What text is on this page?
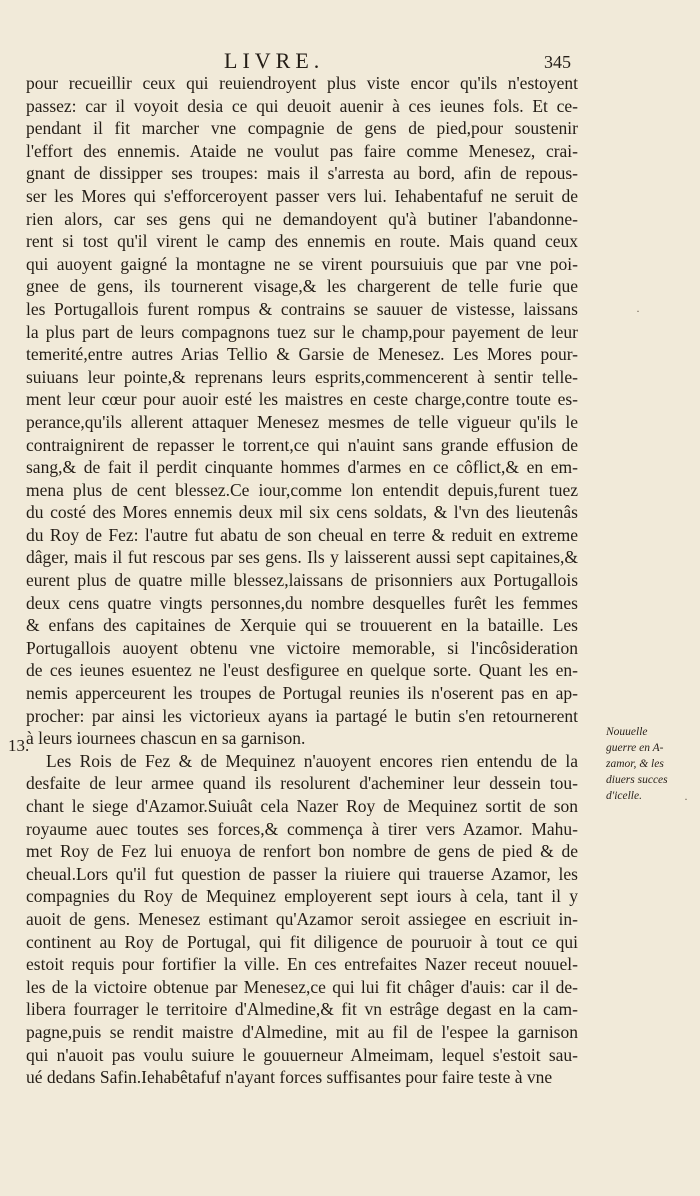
LIVRE.	345
13.
pour recueillir ceux qui reuiendroyent plus viste encor qu'ils n'estoyent
passez: car il voyoit desia ce qui deuoit auenir à ces ieunes fols. Et ce-
pendant il fit marcher vne compagnie de gens de pied,pour soustenir
l'effort des ennemis. Ataide ne voulut pas faire comme Menesez, crai-
gnant de dissipper ses troupes: mais il s'arresta au bord, afin de repous-
ser les Mores qui s'efforceroyent passer vers lui. Iehabentafuf ne seruit de
rien alors, car ses gens qui ne demandoyent qu'à butiner l'abandonne-
rent si tost qu'il virent le camp des ennemis en route. Mais quand ceux
qui auoyent gaigné la montagne ne se virent poursuiuis que par vne poi-
gnee de gens, ils tournerent visage,& les chargerent de telle furie que
les Portugallois furent rompus & contrains se sauuer de vistesse, laissans
la plus part de leurs compagnons tuez sur le champ,pour payement de leur
temerité,entre autres Arias Tellio & Garsie de Menesez. Les Mores pour-
suiuans leur pointe,& reprenans leurs esprits,commencerent à sentir telle-
ment leur cœur pour auoir esté les maistres en ceste charge,contre toute es-
perance,qu'ils allerent attaquer Menesez mesmes de telle vigueur qu'ils le
contraignirent de repasser le torrent,ce qui n'auint sans grande effusion de
sang,& de fait il perdit cinquante hommes d'armes en ce côflict,& en em-
mena plus de cent blessez.Ce iour,comme lon entendit depuis,furent tuez
du costé des Mores ennemis deux mil six cens soldats, & l'vn des lieutenâs
du Roy de Fez: l'autre fut abatu de son cheual en terre & reduit en extreme
dâger, mais il fut rescous par ses gens. Ils y laisserent aussi sept capitaines,&
eurent plus de quatre mille blessez,laissans de prisonniers aux Portugallois
deux cens quatre vingts personnes,du nombre desquelles furêt les femmes
& enfans des capitaines de Xerquie qui se trouuerent en la bataille. Les
Portugallois auoyent obtenu vne victoire memorable, si l'incôsideration
de ces ieunes esuentez ne l'eust desfiguree en quelque sorte. Quant les en-
nemis apperceurent les troupes de Portugal reunies ils n'oserent pas en ap-
procher: par ainsi les victorieux ayans ia partagé le butin s'en retournerent
à leurs iournees chascun en sa garnison.
Les Rois de Fez & de Mequinez n'auoyent encores rien entendu de la
desfaite de leur armee quand ils resolurent d'acheminer leur dessein tou-
chant le siege d'Azamor.Suiuât cela Nazer Roy de Mequinez sortit de son
royaume auec toutes ses forces,& commença à tirer vers Azamor. Mahu-
met Roy de Fez lui enuoya de renfort bon nombre de gens de pied & de
cheual.Lors qu'il fut question de passer la riuiere qui trauerse Azamor, les
compagnies du Roy de Mequinez employerent sept iours à cela, tant il y
auoit de gens. Menesez estimant qu'Azamor seroit assiegee en escriuit in-
continent au Roy de Portugal, qui fit diligence de pouruoir à tout ce qui
estoit requis pour fortifier la ville. En ces entrefaites Nazer receut nouuel-
les de la victoire obtenue par Menesez,ce qui lui fit châger d'auis: car il de-
libera fourrager le territoire d'Almedine,& fit vn estrâge degast en la cam-
pagne,puis se rendit maistre d'Almedine, mit au fil de l'espee la garnison
qui n'auoit pas voulu suiure le gouuerneur Almeimam, lequel s'estoit sau-
ué dedans Safin.Iehabêtafuf n'ayant forces suffisantes pour faire teste à vne
Nouuelle
guerre en A-
zamor, & les
diuers succes
d'icelle.
·
·
